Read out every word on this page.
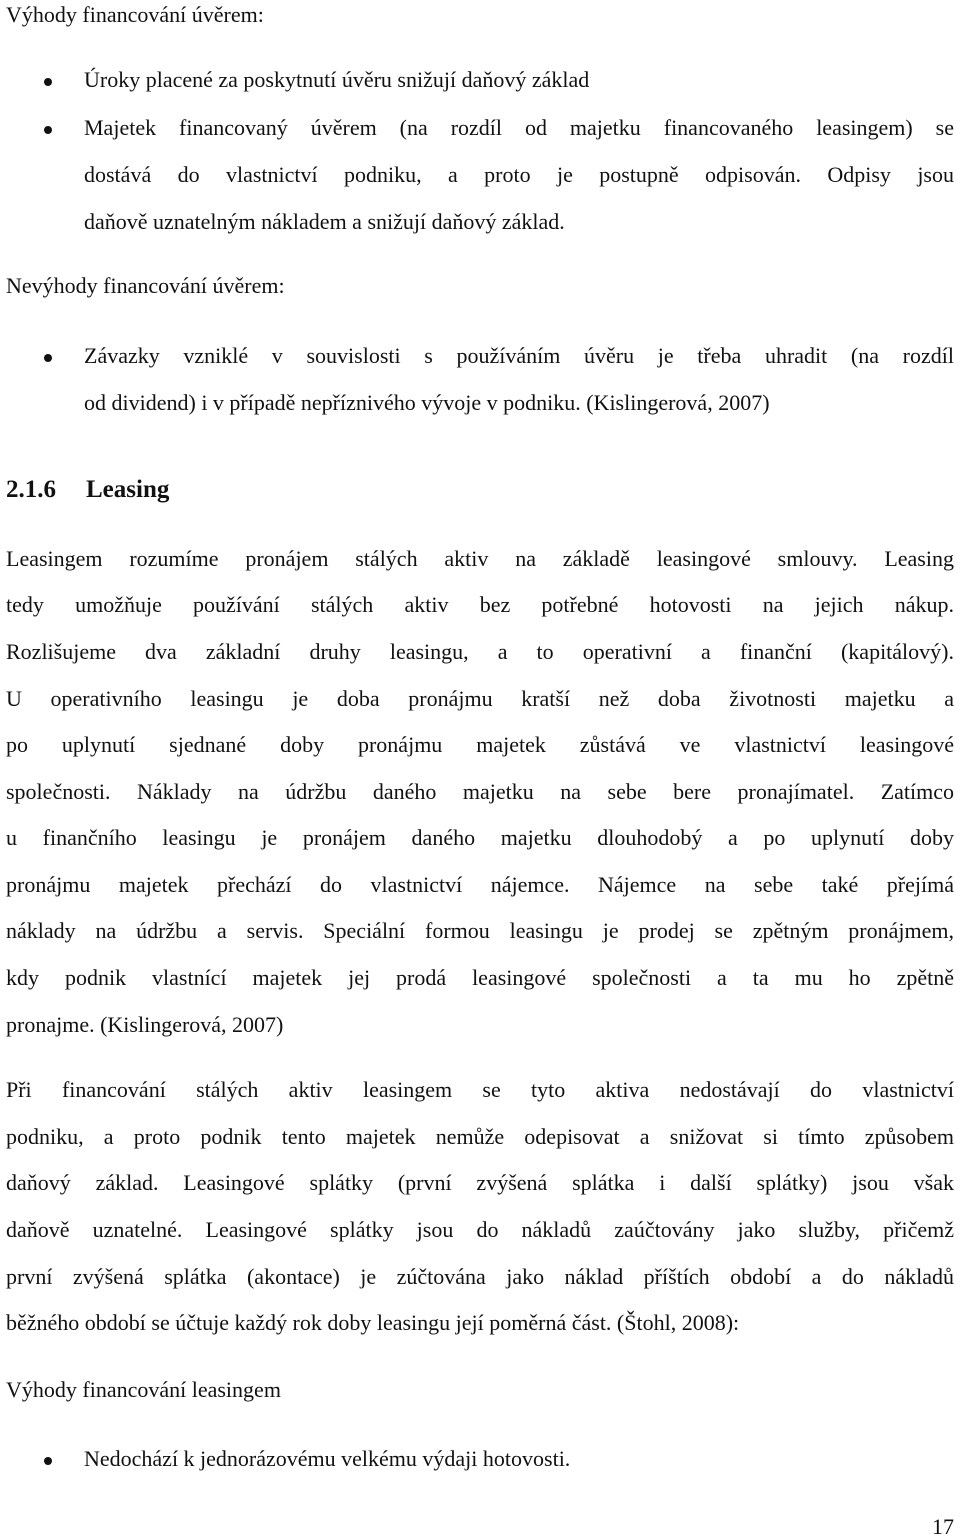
Výhody financování úvěrem:
Úroky placené za poskytnutí úvěru snižují daňový základ
Majetek financovaný úvěrem (na rozdíl od majetku financovaného leasingem) se
dostává do vlastnictví podniku, a proto je postupně odpisován. Odpisy jsou
daňově uznatelným nákladem a snižují daňový základ.
Nevýhody financování úvěrem:
Závazky vzniklé v souvislosti s používáním úvěru je třeba uhradit (na rozdíl
od dividend) i v případě nepříznivého vývoje v podniku. (Kislingerová, 2007)
2.1.6 Leasing
Leasingem rozumíme pronájem stálých aktiv na základě leasingové smlouvy. Leasing
tedy umožňuje používání stálých aktiv bez potřebné hotovosti na jejich nákup.
Rozlišujeme dva základní druhy leasingu, a to operativní a finanční (kapitálový).
U operativního leasingu je doba pronájmu kratší než doba životnosti majetku a
po uplynutí sjednané doby pronájmu majetek zůstává ve vlastnictví leasingové
společnosti. Náklady na údržbu daného majetku na sebe bere pronajímatel. Zatímco
u finančního leasingu je pronájem daného majetku dlouhodobý a po uplynutí doby
pronájmu majetek přechází do vlastnictví nájemce. Nájemce na sebe také přejímá
náklady na údržbu a servis. Speciální formou leasingu je prodej se zpětným pronájmem,
kdy podnik vlastnící majetek jej prodá leasingové společnosti a ta mu ho zpětně
pronajme. (Kislingerová, 2007)
Při financování stálých aktiv leasingem se tyto aktiva nedostávají do vlastnictví
podniku, a proto podnik tento majetek nemůže odepisovat a snižovat si tímto způsobem
daňový základ. Leasingové splátky (první zvýšená splátka i další splátky) jsou však
daňově uznatelné. Leasingové splátky jsou do nákladů zaúčtovány jako služby, přičemž
první zvýšená splátka (akontace) je zúčtována jako náklad příštích období a do nákladů
běžného období se účtuje každý rok doby leasingu její poměrná část. (Štohl, 2008):
Výhody financování leasingem
Nedochází k jednorázovému velkému výdaji hotovosti.
17
